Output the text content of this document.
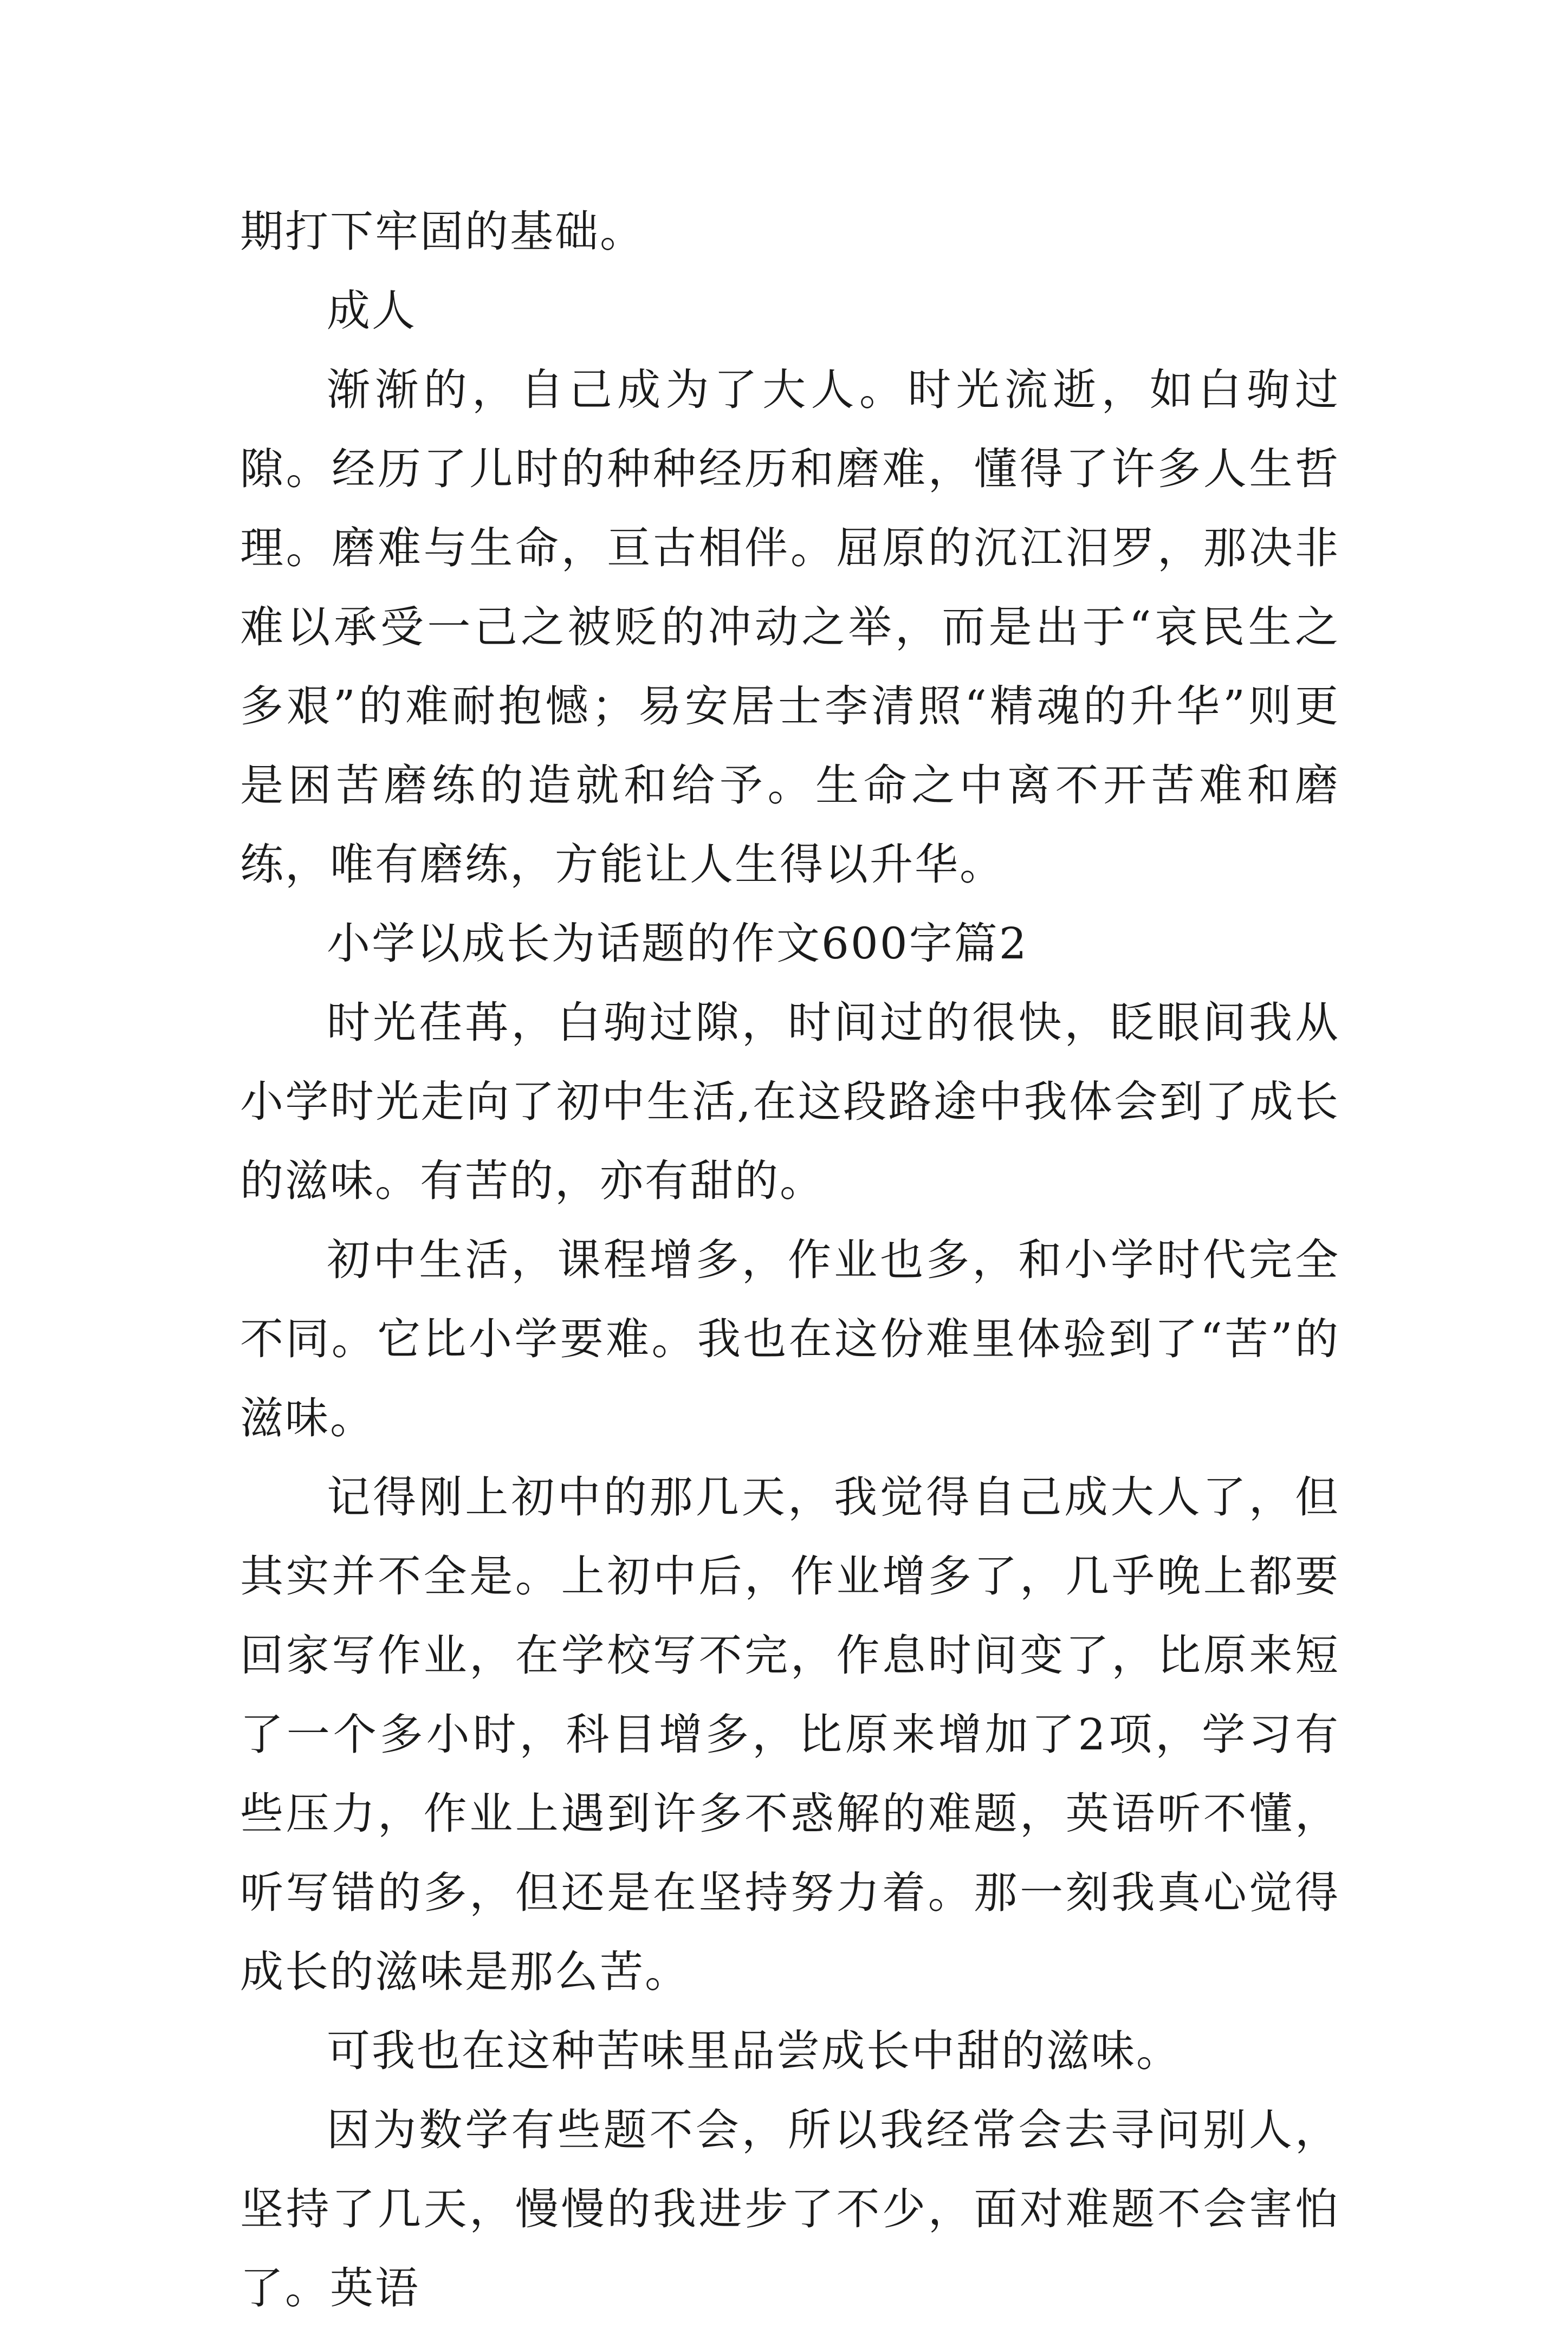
期打下牢固的基础。

成人

渐渐的，自己成为了大人。时光流逝，如白驹过隙。经历了儿时的种种经历和磨难，懂得了许多人生哲理。磨难与生命，亘古相伴。屈原的沉江汨罗，那决非难以承受一己之被贬的冲动之举，而是出于“哀民生之多艰”的难耐抱憾；易安居士李清照“精魂的升华”则更是困苦磨练的造就和给予。生命之中离不开苦难和磨练，唯有磨练，方能让人生得以升华。

小学以成长为话题的作文600字篇2

时光荏苒，白驹过隙，时间过的很快，眨眼间我从小学时光走向了初中生活,在这段路途中我体会到了成长的滋味。有苦的，亦有甜的。

初中生活，课程增多，作业也多，和小学时代完全不同。它比小学要难。我也在这份难里体验到了“苦”的滋味。

记得刚上初中的那几天，我觉得自己成大人了，但其实并不全是。上初中后，作业增多了，几乎晚上都要回家写作业，在学校写不完，作息时间变了，比原来短了一个多小时，科目增多，比原来增加了2项，学习有些压力，作业上遇到许多不惑解的难题，英语听不懂，听写错的多，但还是在坚持努力着。那一刻我真心觉得成长的滋味是那么苦。

可我也在这种苦味里品尝成长中甜的滋味。

因为数学有些题不会，所以我经常会去寻问别人，坚持了几天，慢慢的我进步了不少，面对难题不会害怕了。英语
